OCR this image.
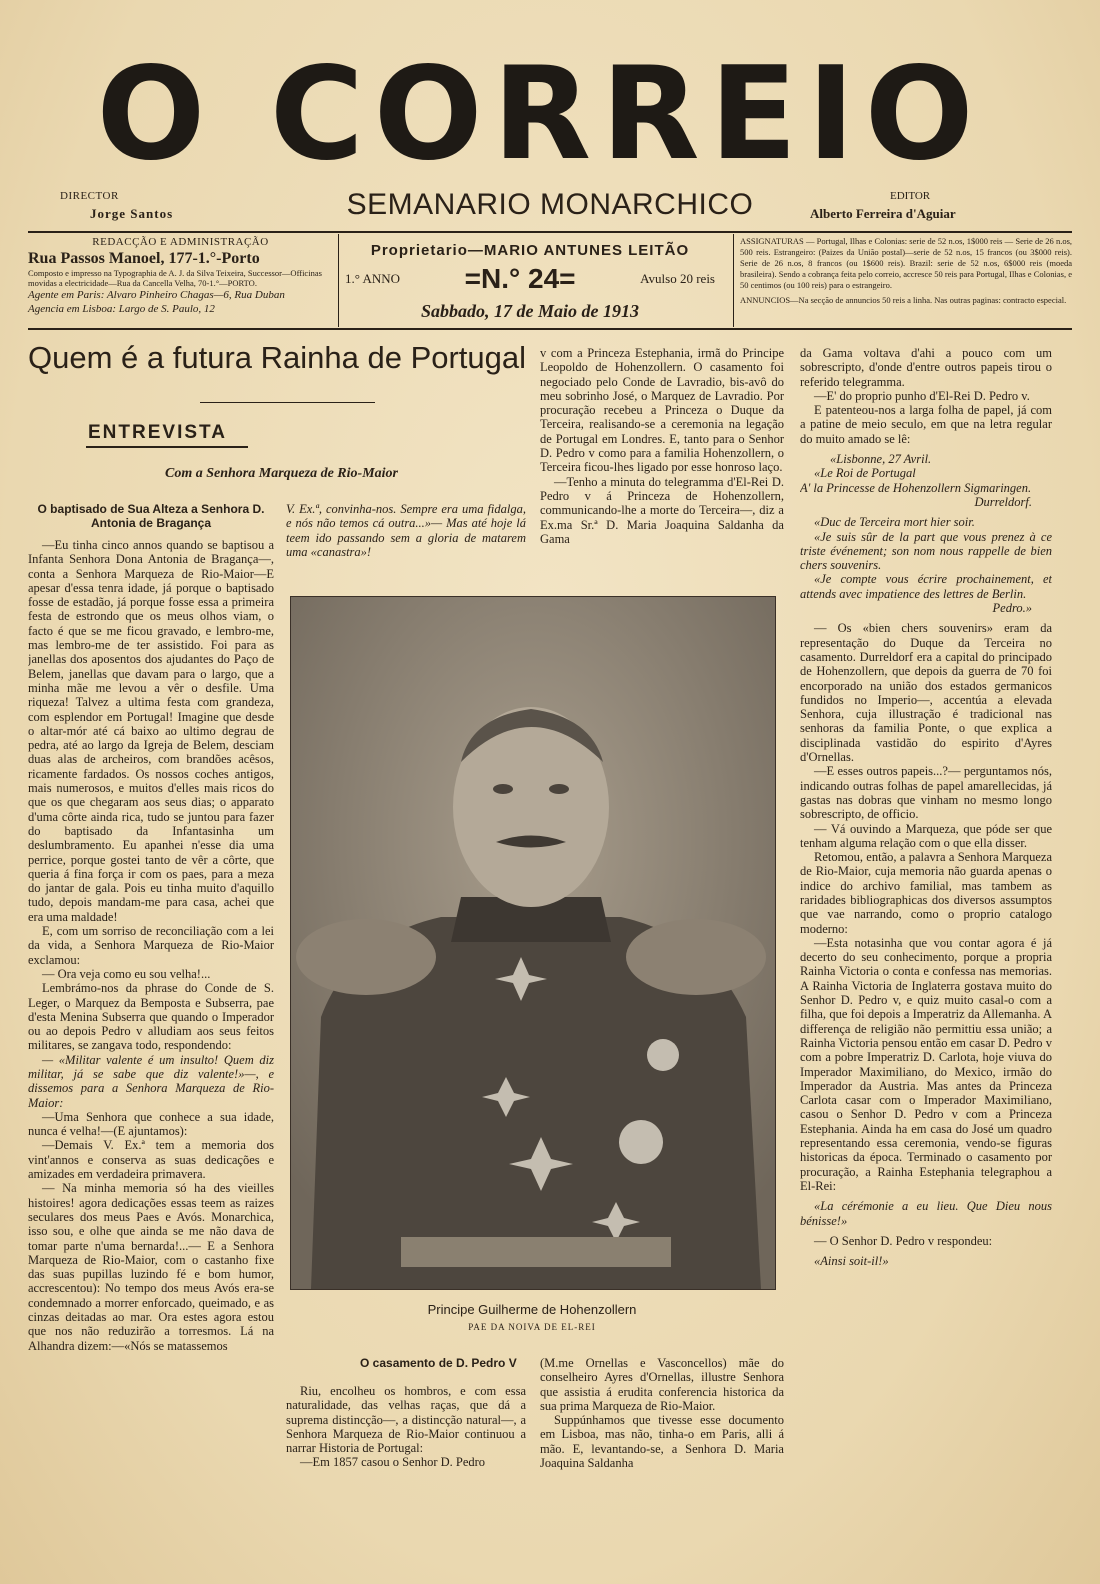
O CORREIO
DIRECTOR
Jorge Santos	SEMANARIO MONARCHICO	EDITOR
Alberto Ferreira d'Aguiar
REDACÇÃO E ADMINISTRAÇÃO
Rua Passos Manoel, 177-1.°-Porto
Composto e impresso na Typographia de A. J. da Silva Teixeira, Successor—Officinas movidas a electricidade—Rua da Cancella Velha, 70-1.°—PORTO.
Agente em Paris: Alvaro Pinheiro Chagas—6, Rua Duban
Agencia em Lisboa: Largo de S. Paulo, 12
Proprietario—MARIO ANTUNES LEITÃO
1.° ANNO =N.° 24=	Avulso 20 reis
Sabbado, 17 de Maio de 1913
ASSIGNATURAS — Portugal, Ilhas e Colonias: serie de 52 n.os, 1$000 reis — Serie de 26 n.os, 500 reis. Estrangeiro: (Paizes da União postal)—serie de 52 n.os, 15 francos (ou 3$000 reis). Serie de 26 n.os, 8 francos (ou 1$600 reis). Brazil: serie de 52 n.os, 6$000 reis (moeda brasileira). Sendo a cobrança feita pelo correio, accresce 50 reis para Portugal, Ilhas e Colonias, e 50 centimos (ou 100 reis) para o estrangeiro.
ANNUNCIOS—Na secção de annuncios 50 reis a linha. Nas outras paginas: contracto especial.
Quem é a futura Rainha de Portugal
ENTREVISTA
Com a Senhora Marqueza de Rio-Maior

O baptisado de Sua Alteza a Senhora D. Antonia de Bragança

—Eu tinha cinco annos quando se baptisou a Infanta Senhora Dona Antonia de Bragança—, conta a Senhora Marqueza de Rio-Maior—E apesar d'essa tenra idade, já porque o baptisado fosse de estadão, já porque fosse essa a primeira festa de estrondo que os meus olhos viam, o facto é que se me ficou gravado, e lembro-me, mas lembro-me de ter assistido. Foi para as janellas dos aposentos dos ajudantes do Paço de Belem, janellas que davam para o largo, que a minha mãe me levou a vêr o desfile. Uma riqueza! Talvez a ultima festa com grandeza, com esplendor em Portugal! Imagine que desde o altar-mór até cá baixo ao ultimo degrau de pedra, até ao largo da Igreja de Belem, desciam duas alas de archeiros, com brandões acêsos, ricamente fardados. Os nossos coches antigos, mais numerosos, e muitos d'elles mais ricos do que os que chegaram aos seus dias; o apparato d'uma côrte ainda rica, tudo se juntou para fazer do baptisado da Infantasinha um deslumbramento. Eu apanhei n'esse dia uma perrice, porque gostei tanto de vêr a côrte, que queria á fina força ir com os paes, para a meza do jantar de gala. Pois eu tinha muito d'aquillo tudo, depois mandam-me para casa, achei que era uma maldade!

E, com um sorriso de reconciliação com a lei da vida, a Senhora Marqueza de Rio-Maior exclamou:

— Ora veja como eu sou velha!...

Lembrámo-nos da phrase do Conde de S. Leger, o Marquez da Bemposta e Subserra, pae d'esta Menina Subserra que quando o Imperador ou ao depois Pedro v alludiam aos seus feitos militares, se zangava todo, respondendo:

— «Militar valente é um insulto! Quem diz militar, já se sabe que diz valente!»—, e dissemos para a Senhora Marqueza de Rio-Maior:

—Uma Senhora que conhece a sua idade, nunca é velha!—(E ajuntamos):

—Demais V. Ex.ª tem a memoria dos vint'annos e conserva as suas dedicações e amizades em verdadeira primavera.

— Na minha memoria só ha des vieilles histoires! agora dedicações essas teem as raizes seculares dos meus Paes e Avós. Monarchica, isso sou, e olhe que ainda se me não dava de tomar parte n'uma bernarda!...— E a Senhora Marqueza de Rio-Maior, com o castanho fixe das suas pupillas luzindo fé e bom humor, accrescentou): No tempo dos meus Avós era-se condemnado a morrer enforcado, queimado, e as cinzas deitadas ao mar. Ora estes agora estou que nos não reduzirão a torresmos. Lá na Alhandra dizem:—«Nós se matassemos

V. Ex.ª, convinha-nos. Sempre era uma fidalga, e nós não temos cá outra...»— Mas até hoje lá teem ido passando sem a gloria de matarem uma «canastra»!

v com a Princeza Estephania, irmã do Principe Leopoldo de Hohenzollern. O casamento foi negociado pelo Conde de Lavradio, bis-avô do meu sobrinho José, o Marquez de Lavradio. Por procuração recebeu a Princeza o Duque da Terceira, realisando-se a ceremonia na legação de Portugal em Londres. E, tanto para o Senhor D. Pedro v como para a familia Hohenzollern, o Terceira ficou-lhes ligado por esse honroso laço.

—Tenho a minuta do telegramma d'El-Rei D. Pedro v á Princeza de Hohenzollern, communicando-lhe a morte do Terceira—, diz a Ex.ma Sr.ª D. Maria Joaquina Saldanha da Gama

Principe Guilherme de Hohenzollern
PAE DA NOIVA DE EL-REI
O casamento de D. Pedro V

Riu, encolheu os hombros, e com essa naturalidade, das velhas raças, que dá a suprema distincção—, a distincção natural—, a Senhora Marqueza de Rio-Maior continuou a narrar Historia de Portugal:

—Em 1857 casou o Senhor D. Pedro

(M.me Ornellas e Vasconcellos) mãe do conselheiro Ayres d'Ornellas, illustre Senhora que assistia á erudita conferencia historica da sua prima Marqueza de Rio-Maior.

Suppúnhamos que tivesse esse documento em Lisboa, mas não, tinha-o em Paris, alli á mão. E, levantando-se, a Senhora D. Maria Joaquina Saldanha

da Gama voltava d'ahi a pouco com um sobrescripto, d'onde d'entre outros papeis tirou o referido telegramma.

—E' do proprio punho d'El-Rei D. Pedro v.

E patenteou-nos a larga folha de papel, já com a patine de meio seculo, em que na letra regular do muito amado se lê:

«Lisbonne, 27 Avril.

«Le Roi de Portugal

A' la Princesse de Hohenzollern Sigmaringen.

Durreldorf.

«Duc de Terceira mort hier soir.

«Je suis sûr de la part que vous prenez à ce triste événement; son nom nous rappelle de bien chers souvenirs.

«Je compte vous écrire prochainement, et attends avec impatience des lettres de Berlin.

Pedro.»

— Os «bien chers souvenirs» eram da representação do Duque da Terceira no casamento. Durreldorf era a capital do principado de Hohenzollern, que depois da guerra de 70 foi encorporado na união dos estados germanicos fundidos no Imperio—, accentúa a elevada Senhora, cuja illustração é tradicional nas senhoras da familia Ponte, o que explica a disciplinada vastidão do espirito d'Ayres d'Ornellas.

—E esses outros papeis...?— perguntamos nós, indicando outras folhas de papel amarellecidas, já gastas nas dobras que vinham no mesmo longo sobrescripto, de officio.

— Vá ouvindo a Marqueza, que póde ser que tenham alguma relação com o que ella disser.

Retomou, então, a palavra a Senhora Marqueza de Rio-Maior, cuja memoria não guarda apenas o indice do archivo familial, mas tambem as raridades bibliographicas dos diversos assumptos que vae narrando, como o proprio catalogo moderno:

—Esta notasinha que vou contar agora é já decerto do seu conhecimento, porque a propria Rainha Victoria o conta e confessa nas memorias. A Rainha Victoria de Inglaterra gostava muito do Senhor D. Pedro v, e quiz muito casal-o com a filha, que foi depois a Imperatriz da Allemanha. A differença de religião não permittiu essa união; a Rainha Victoria pensou então em casar D. Pedro v com a pobre Imperatriz D. Carlota, hoje viuva do Imperador Maximiliano, do Mexico, irmão do Imperador da Austria. Mas antes da Princeza Carlota casar com o Imperador Maximiliano, casou o Senhor D. Pedro v com a Princeza Estephania. Ainda ha em casa do José um quadro representando essa ceremonia, vendo-se figuras historicas da época. Terminado o casamento por procuração, a Rainha Estephania telegraphou a El-Rei:

«La cérémonie a eu lieu. Que Dieu nous bénisse!»

— O Senhor D. Pedro v respondeu:

«Ainsi soit-il!»
